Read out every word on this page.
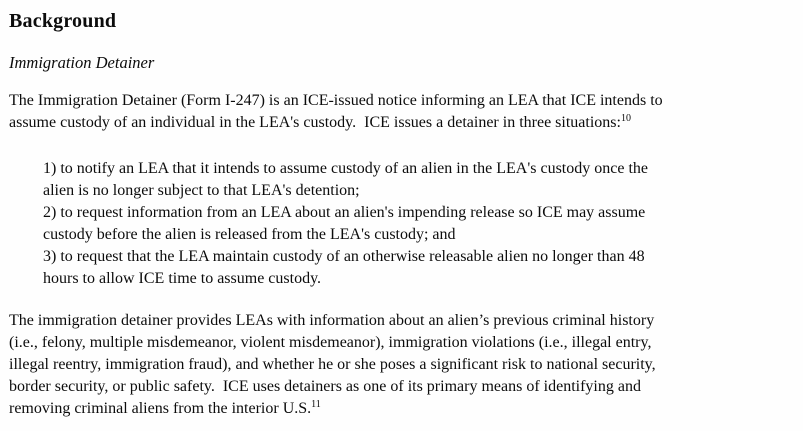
Background
Immigration Detainer

The Immigration Detainer (Form I-247) is an ICE-issued notice informing an LEA that ICE intends to
assume custody of an individual in the LEA's custody.  ICE issues a detainer in three situations:$^{10}$

1) to notify an LEA that it intends to assume custody of an alien in the LEA's custody once the
alien is no longer subject to that LEA's detention;
2) to request information from an LEA about an alien's impending release so ICE may assume
custody before the alien is released from the LEA's custody; and
3) to request that the LEA maintain custody of an otherwise releasable alien no longer than 48
hours to allow ICE time to assume custody.

The immigration detainer provides LEAs with information about an alien’s previous criminal history
(i.e., felony, multiple misdemeanor, violent misdemeanor), immigration violations (i.e., illegal entry,
illegal reentry, immigration fraud), and whether he or she poses a significant risk to national security,
border security, or public safety.  ICE uses detainers as one of its primary means of identifying and
removing criminal aliens from the interior U.S.$^{11}$
